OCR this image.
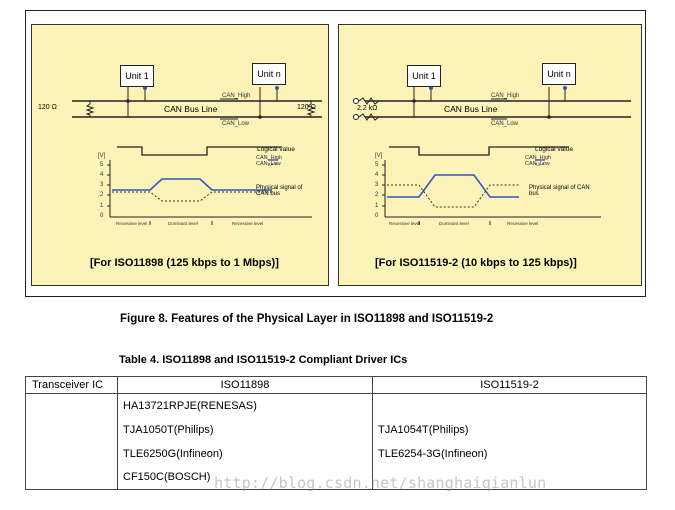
Unit 1	Unit n
120 Ω	120 Ω
CAN Bus Line
CAN_High
CAN_Low
[V]
5
4
3
2
1
0
Logical value
CAN_High
CAN_Low
Physical signal of CAN bus
Recessive level	Dominant level	Recessive level
[For ISO11898 (125 kbps to 1 Mbps)]
Unit 1	Unit n
2.2 kΩ	CAN Bus Line
CAN_High
CAN_Low
[V]
5
4
3
2
1
0
Logical value
CAN_High
CAN_Low
Physical signal of CAN bus
Recessive level	Dominant level	Recessive level
[For ISO11519-2 (10 kbps to 125 kbps)]
Figure 8. Features of the Physical Layer in ISO11898 and ISO11519-2
Table 4. ISO11898 and ISO11519-2 Compliant Driver ICs
Transceiver IC	ISO11898	ISO11519-2
	HA13721RPJE(RENESAS)	
	TJA1050T(Philips)	TJA1054T(Philips)
	TLE6250G(Infineon)	TLE6254-3G(Infineon)
	CF150C(BOSCH)	http://blog.csdn.net/shanghaiqianlun
